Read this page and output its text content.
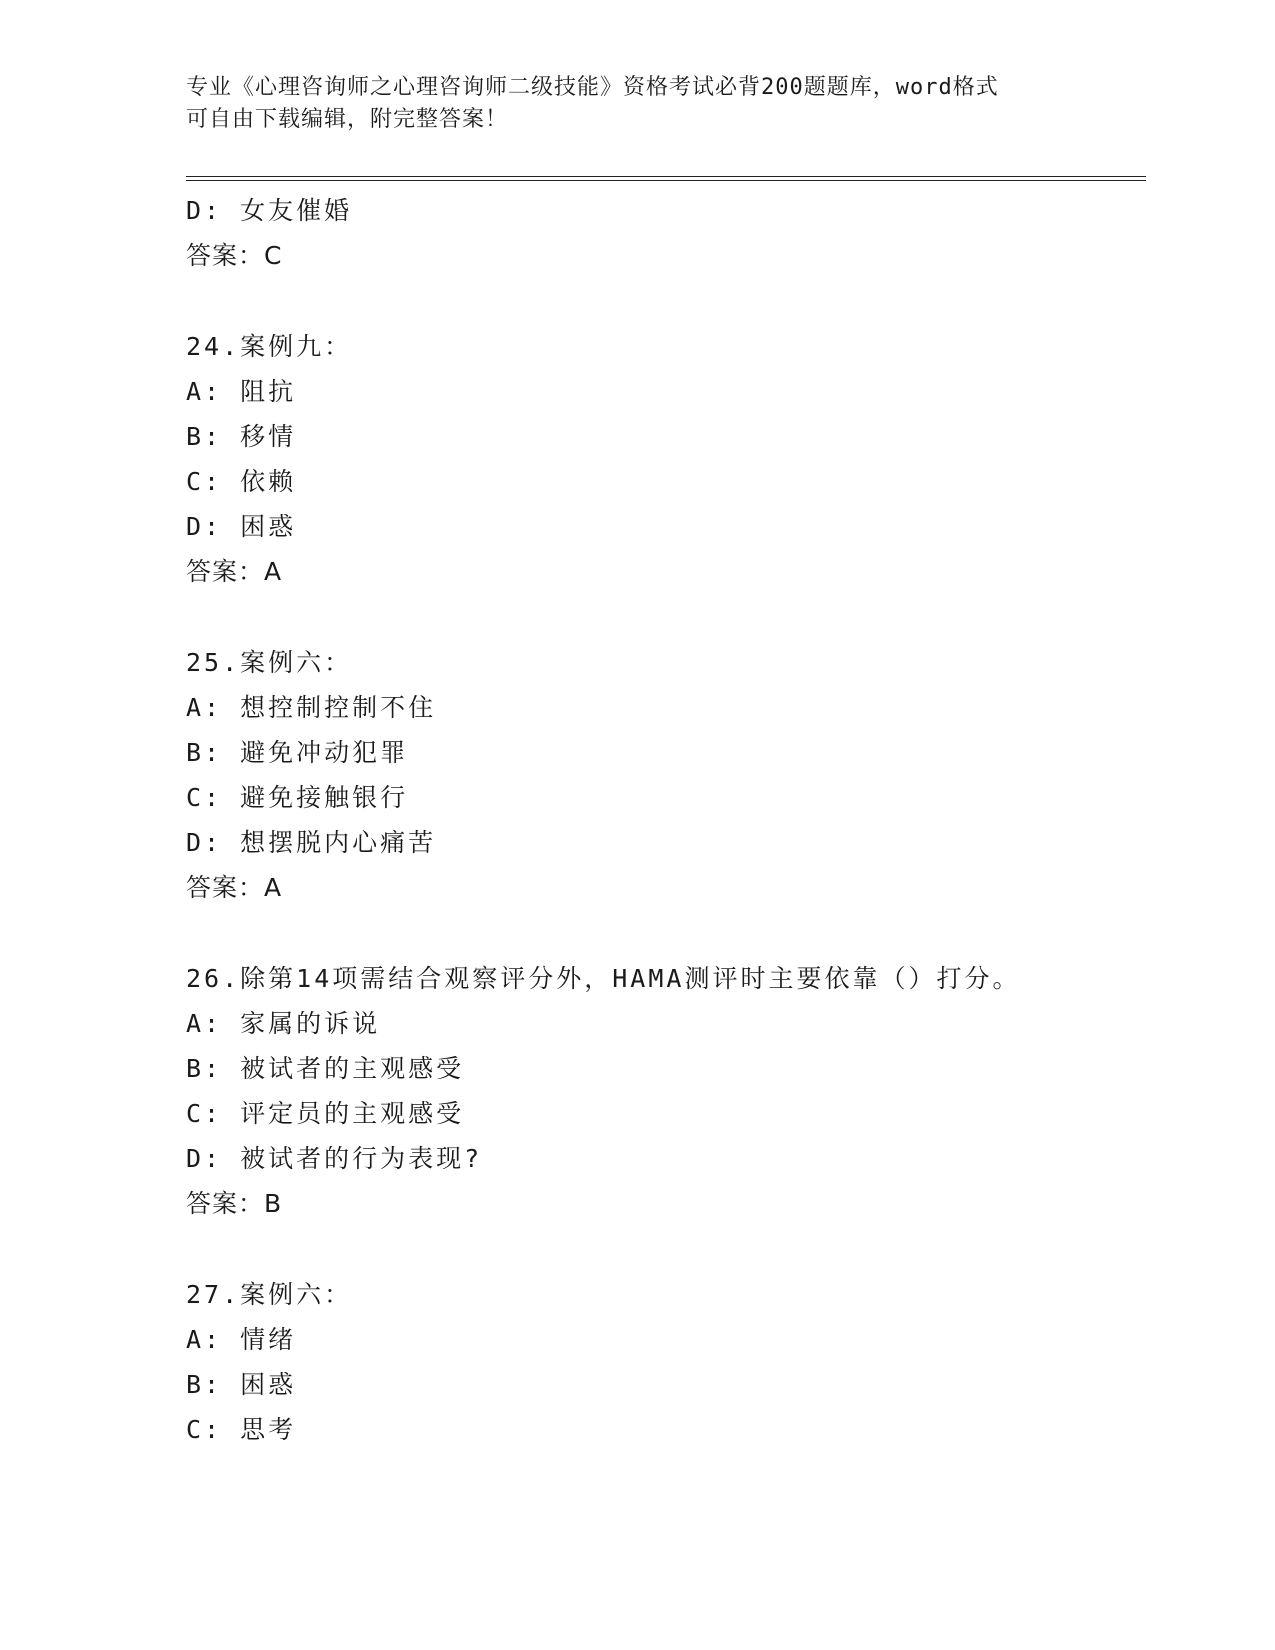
专业《心理咨询师之心理咨询师二级技能》资格考试必背200题题库，word格式
可自由下载编辑，附完整答案！
D: 女友催婚
答案：C
24.案例九：
A: 阻抗
B: 移情
C: 依赖
D: 困惑
答案：A
25.案例六：
A: 想控制控制不住
B: 避免冲动犯罪
C: 避免接触银行
D: 想摆脱内心痛苦
答案：A
26.除第14项需结合观察评分外，HAMA测评时主要依靠（）打分。
A: 家属的诉说
B: 被试者的主观感受
C: 评定员的主观感受
D: 被试者的行为表现?
答案：B
27.案例六：
A: 情绪
B: 困惑
C: 思考
